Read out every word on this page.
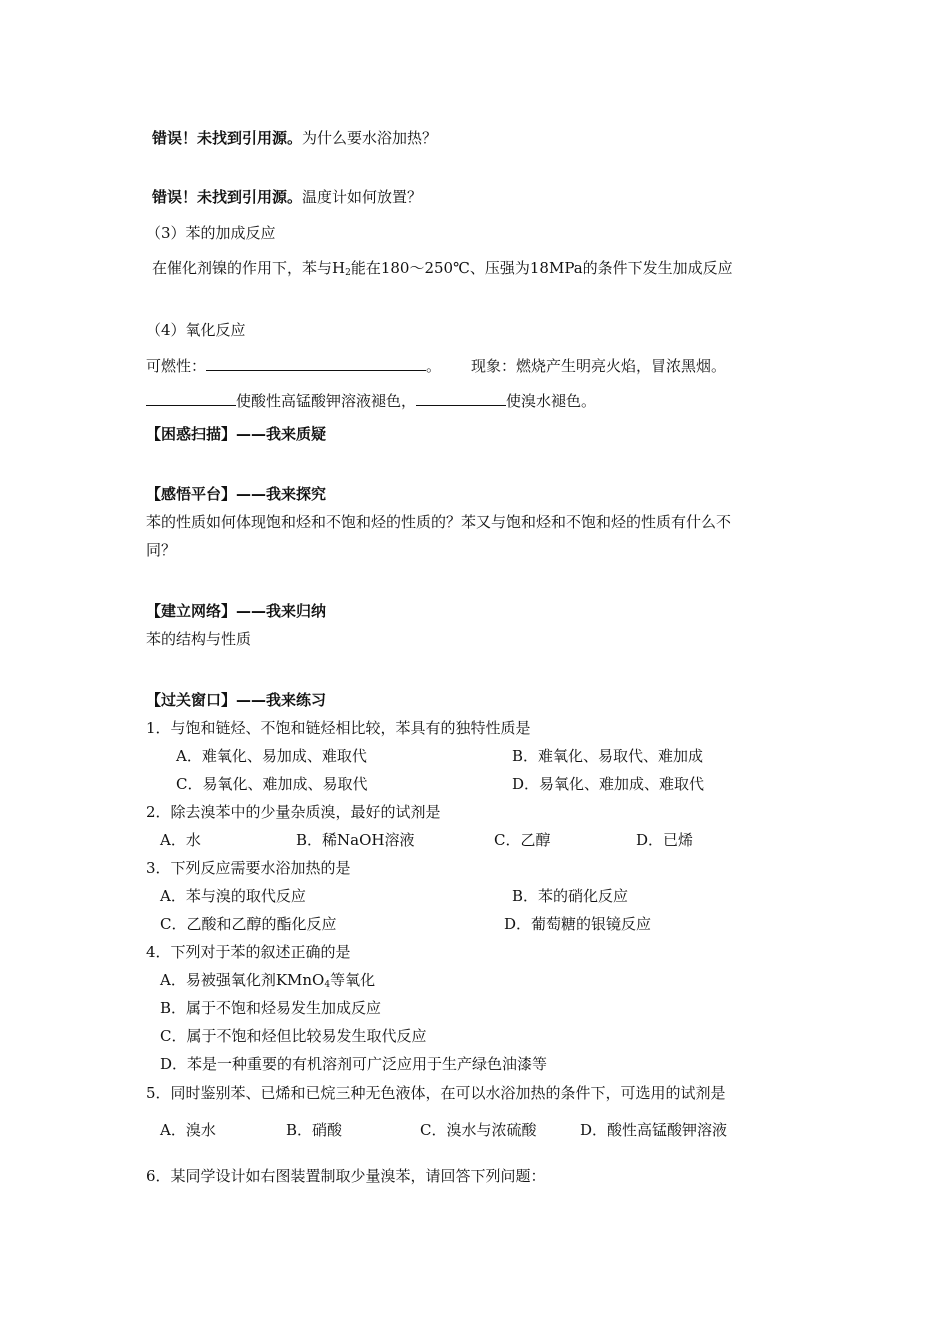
错误！未找到引用源。为什么要水浴加热？
错误！未找到引用源。温度计如何放置？
（3）苯的加成反应
在催化剂镍的作用下，苯与$H_2$能在180～250℃、压强为18MPa的条件下发生加成反应
（4）氧化反应
可燃性：	。 现象：燃烧产生明亮火焰，冒浓黑烟。
使酸性高锰酸钾溶液褪色，	使溴水褪色。
【困惑扫描】——我来质疑
【感悟平台】——我来探究
苯的性质如何体现饱和烃和不饱和烃的性质的？苯又与饱和烃和不饱和烃的性质有什么不
同？
【建立网络】——我来归纳
苯的结构与性质
【过关窗口】——我来练习
1．与饱和链烃、不饱和链烃相比较，苯具有的独特性质是
A．难氧化、易加成、难取代	B．难氧化、易取代、难加成
C．易氧化、难加成、易取代	D．易氧化、难加成、难取代
2．除去溴苯中的少量杂质溴，最好的试剂是
A．水	B．稀NaOH溶液	C．乙醇	D．已烯
3．下列反应需要水浴加热的是
A．苯与溴的取代反应	B．苯的硝化反应
C．乙酸和乙醇的酯化反应	D．葡萄糖的银镜反应
4．下列对于苯的叙述正确的是
A．易被强氧化剂KMnO$_4$等氧化
B．属于不饱和烃易发生加成反应
C．属于不饱和烃但比较易发生取代反应
D．苯是一种重要的有机溶剂可广泛应用于生产绿色油漆等
5．同时鉴别苯、已烯和已烷三种无色液体，在可以水浴加热的条件下，可选用的试剂是
A．溴水	B．硝酸	C．溴水与浓硫酸	D．酸性高锰酸钾溶液
6．某同学设计如右图装置制取少量溴苯，请回答下列问题：
